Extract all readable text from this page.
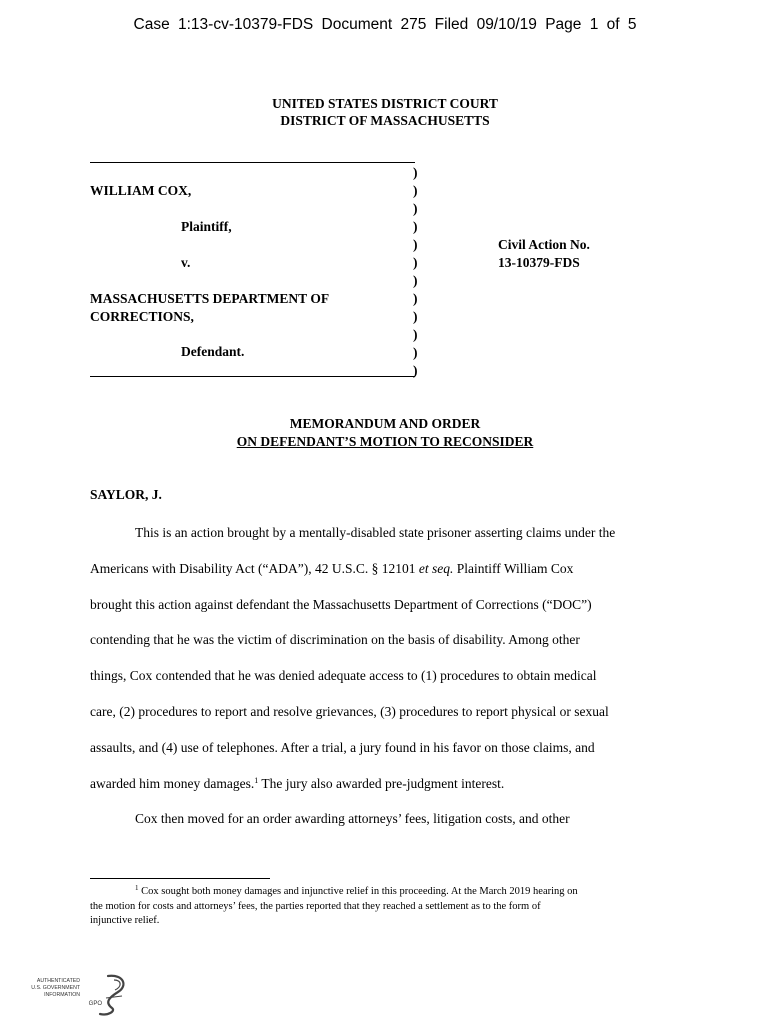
Case 1:13-cv-10379-FDS Document 275 Filed 09/10/19 Page 1 of 5
UNITED STATES DISTRICT COURT
DISTRICT OF MASSACHUSETTS
)
)
)
)
)
)
)
)
)
)
)
)
WILLIAM COX,
Plaintiff,
v.
MASSACHUSETTS DEPARTMENT OF
CORRECTIONS,
Defendant.
Civil Action No.
13-10379-FDS
MEMORANDUM AND ORDER
ON DEFENDANT’S MOTION TO RECONSIDER
SAYLOR, J.
This is an action brought by a mentally-disabled state prisoner asserting claims under the
Americans with Disability Act (“ADA”), 42 U.S.C. § 12101 et seq. Plaintiff William Cox
brought this action against defendant the Massachusetts Department of Corrections (“DOC”)
contending that he was the victim of discrimination on the basis of disability. Among other
things, Cox contended that he was denied adequate access to (1) procedures to obtain medical
care, (2) procedures to report and resolve grievances, (3) procedures to report physical or sexual
assaults, and (4) use of telephones. After a trial, a jury found in his favor on those claims, and
awarded him money damages.$^1$ The jury also awarded pre-judgment interest.
Cox then moved for an order awarding attorneys’ fees, litigation costs, and other
$^1$ Cox sought both money damages and injunctive relief in this proceeding. At the March 2019 hearing on
the motion for costs and attorneys’ fees, the parties reported that they reached a settlement as to the form of
injunctive relief.
AUTHENTICATED
U.S. GOVERNMENT
INFORMATION
GPO
